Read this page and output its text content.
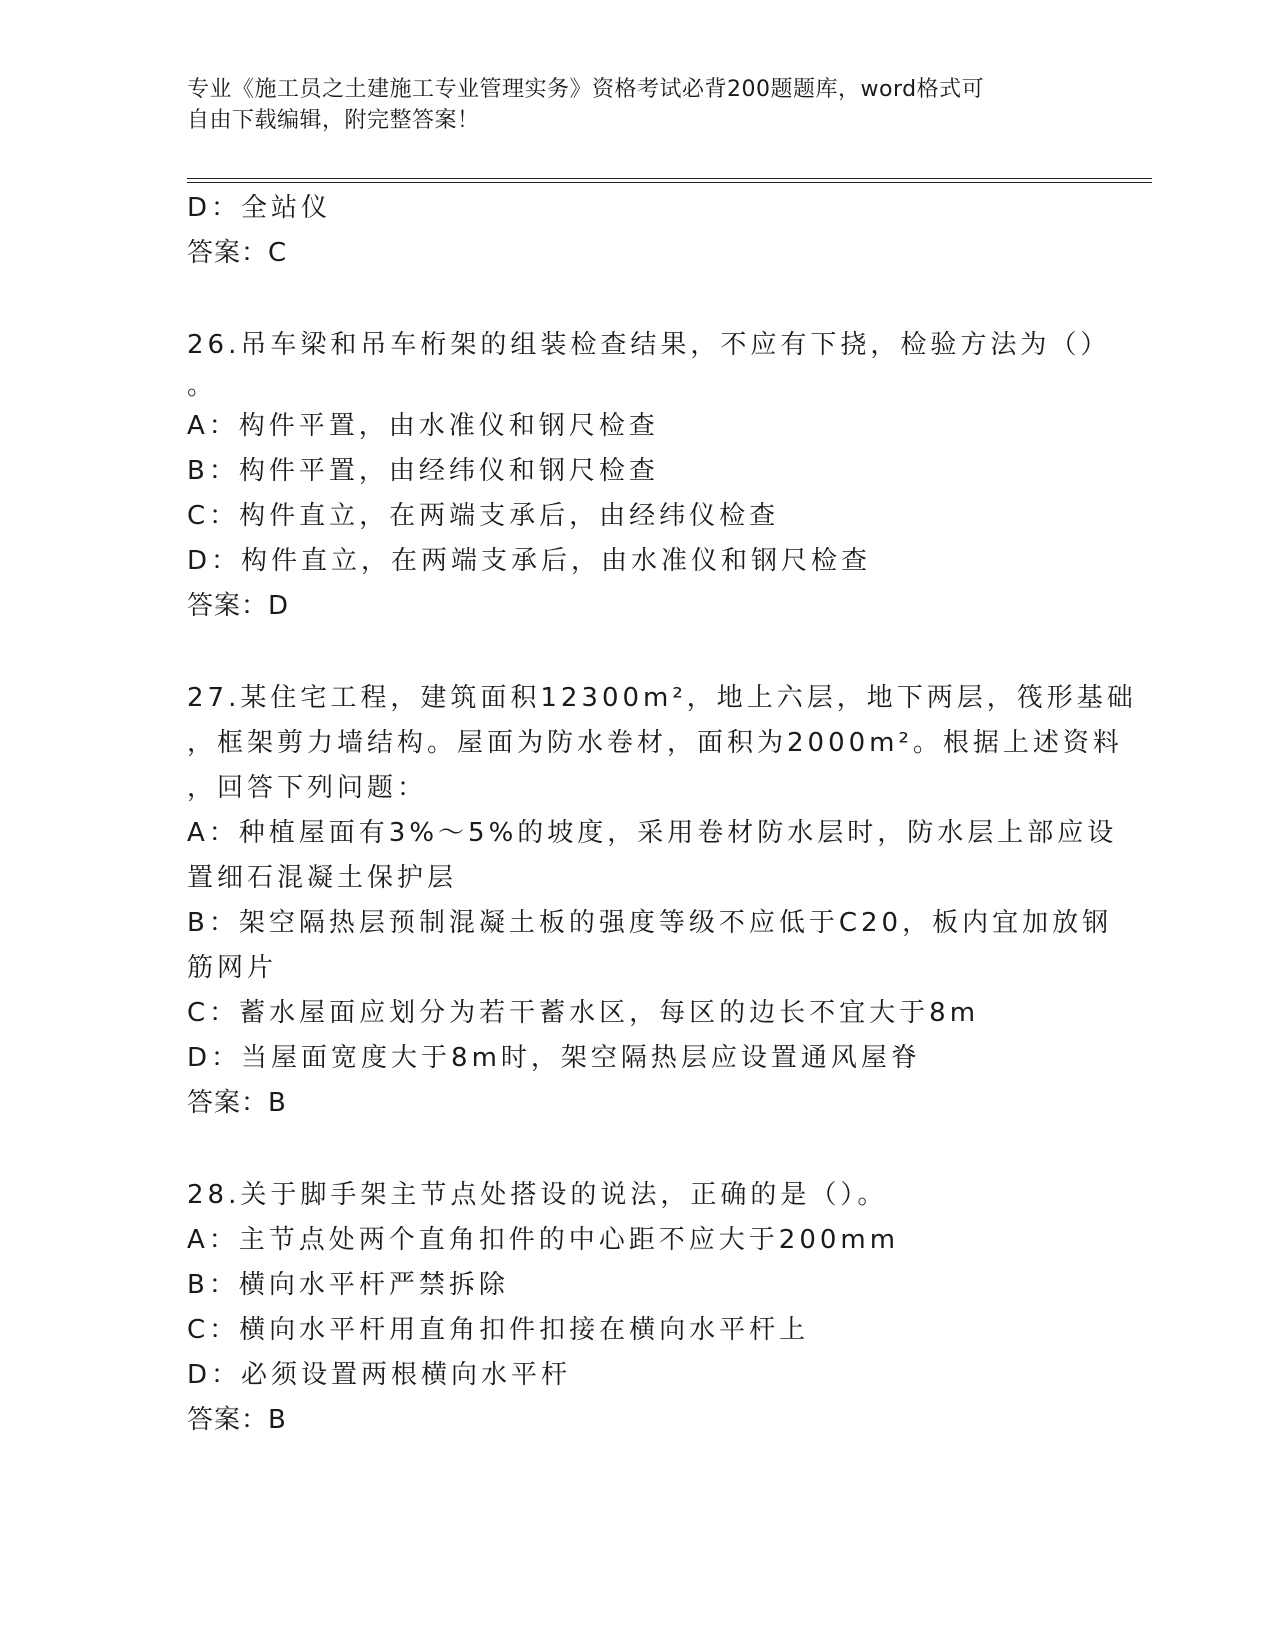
专业《施工员之土建施工专业管理实务》资格考试必背200题题库，word格式可
自由下载编辑，附完整答案！

D：全站仪

答案：C

26.吊车梁和吊车桁架的组装检查结果，不应有下挠，检验方法为（）

。

A：构件平置，由水准仪和钢尺检查

B：构件平置，由经纬仪和钢尺检查

C：构件直立，在两端支承后，由经纬仪检查

D：构件直立，在两端支承后，由水准仪和钢尺检查

答案：D

27.某住宅工程，建筑面积12300m²，地上六层，地下两层，筏形基础

，框架剪力墙结构。屋面为防水卷材，面积为2000m²。根据上述资料

，回答下列问题：

A：种植屋面有3%～5%的坡度，采用卷材防水层时，防水层上部应设

置细石混凝土保护层

B：架空隔热层预制混凝土板的强度等级不应低于C20，板内宜加放钢

筋网片

C：蓄水屋面应划分为若干蓄水区，每区的边长不宜大于8m

D：当屋面宽度大于8m时，架空隔热层应设置通风屋脊

答案：B

28.关于脚手架主节点处搭设的说法，正确的是（）。

A：主节点处两个直角扣件的中心距不应大于200mm

B：横向水平杆严禁拆除

C：横向水平杆用直角扣件扣接在横向水平杆上

D：必须设置两根横向水平杆

答案：B
